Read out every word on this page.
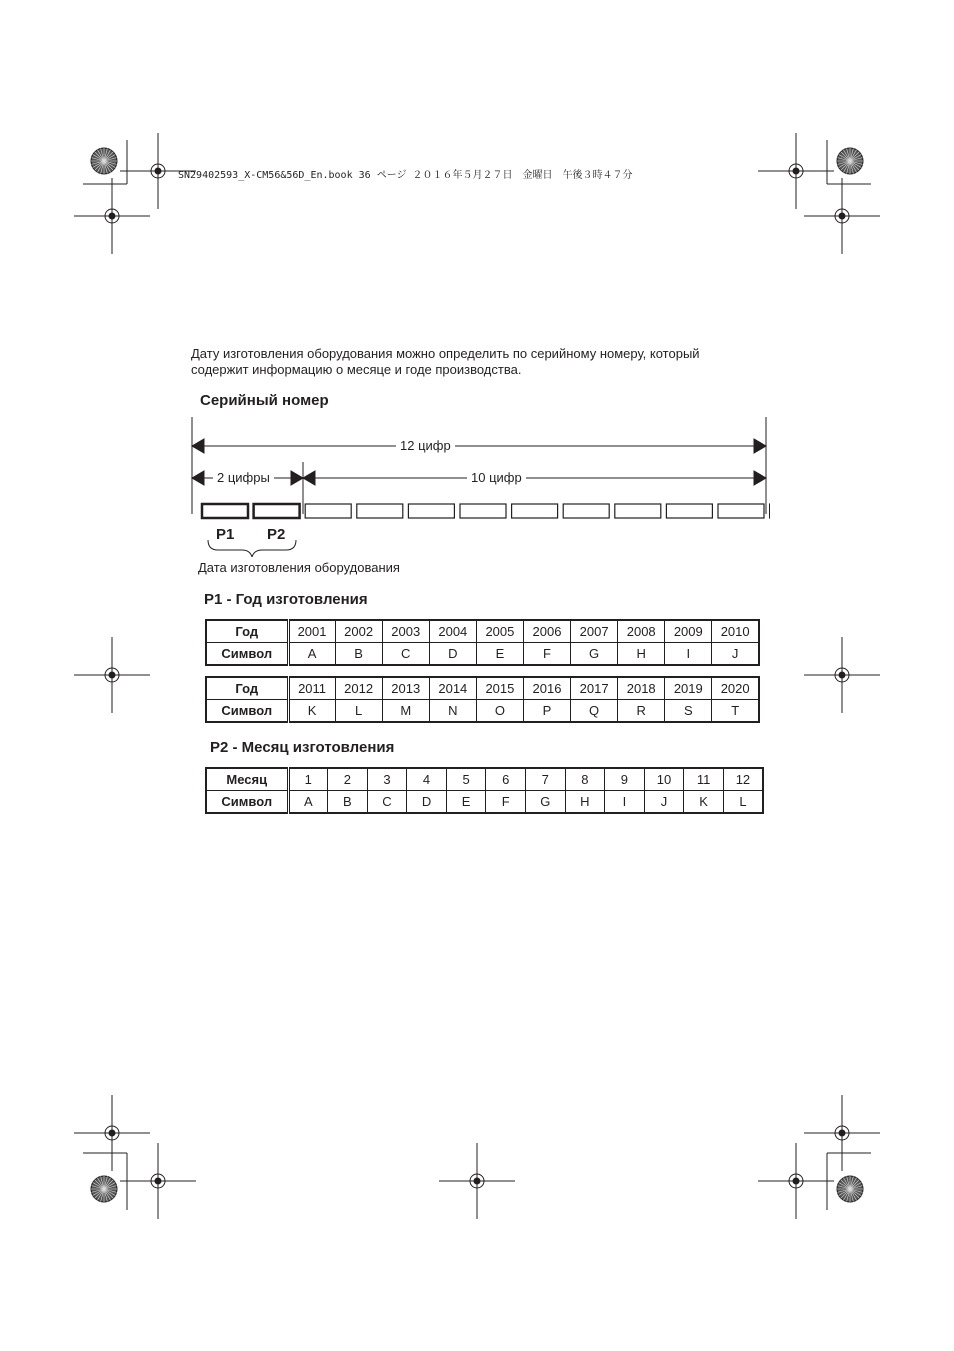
SN29402593_X-CM56&56D_En.book 36 ページ ２０１６年５月２７日　金曜日　午後３時４７分
Дату изготовления оборудования можно определить по серийному номеру, который содержит информацию о месяце и годе производства.
Серийный номер
12 цифр
2 цифры	10 цифр
P1 P2
Дата изготовления оборудования
P1 - Год изготовления
Год	2001	2002	2003	2004	2005	2006	2007	2008	2009	2010
Символ	A	B	C	D	E	F	G	H	I	J
Год	2011	2012	2013	2014	2015	2016	2017	2018	2019	2020
Символ	K	L	M	N	O	P	Q	R	S	T
P2 - Месяц изготовления
Месяц	1	2	3	4	5	6	7	8	9	10	11	12
Символ	A	B	C	D	E	F	G	H	I	J	K	L
